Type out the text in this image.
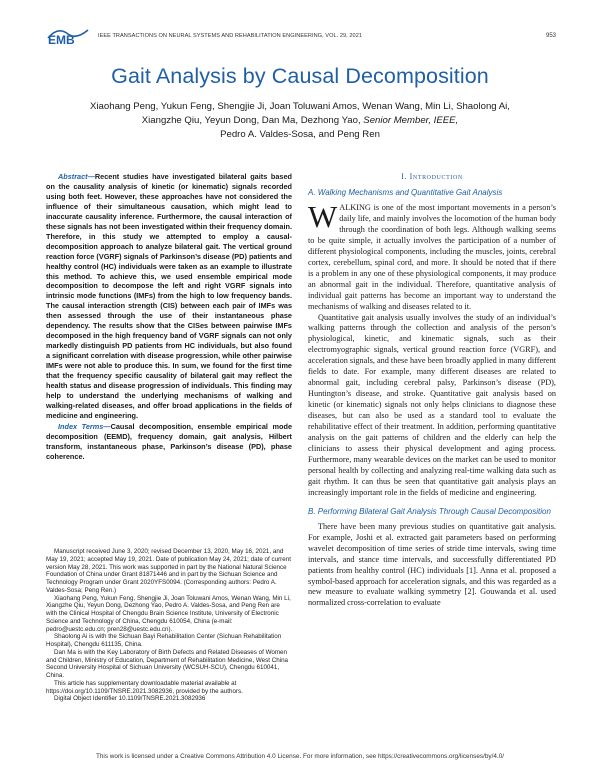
EMB	IEEE TRANSACTIONS ON NEURAL SYSTEMS AND REHABILITATION ENGINEERING, VOL. 29, 2021	953
Gait Analysis by Causal Decomposition
Xiaohang Peng, Yukun Feng, Shengjie Ji, Joan Toluwani Amos, Wenan Wang, Min Li, Shaolong Ai,
Xiangzhe Qiu, Yeyun Dong, Dan Ma, Dezhong Yao, Senior Member, IEEE,
Pedro A. Valdes-Sosa, and Peng Ren
Abstract—Recent studies have investigated bilateral gaits based on the causality analysis of kinetic (or kinematic) signals recorded using both feet. However, these approaches have not considered the influence of their simultaneous causation, which might lead to inaccurate causality inference. Furthermore, the causal interaction of these signals has not been investigated within their frequency domain. Therefore, in this study we attempted to employ a causal-decomposition approach to analyze bilateral gait. The vertical ground reaction force (VGRF) signals of Parkinson’s disease (PD) patients and healthy control (HC) individuals were taken as an example to illustrate this method. To achieve this, we used ensemble empirical mode decomposition to decompose the left and right VGRF signals into intrinsic mode functions (IMFs) from the high to low frequency bands. The causal interaction strength (CIS) between each pair of IMFs was then assessed through the use of their instantaneous phase dependency. The results show that the CISes between pairwise IMFs decomposed in the high frequency band of VGRF signals can not only markedly distinguish PD patients from HC individuals, but also found a significant correlation with disease progression, while other pairwise IMFs were not able to produce this. In sum, we found for the first time that the frequency specific causality of bilateral gait may reflect the health status and disease progression of individuals. This finding may help to understand the underlying mechanisms of walking and walking-related diseases, and offer broad applications in the fields of medicine and engineering.
Index Terms—Causal decomposition, ensemble empirical mode decomposition (EEMD), frequency domain, gait analysis, Hilbert transform, instantaneous phase, Parkinson’s disease (PD), phase coherence.

Manuscript received June 3, 2020; revised December 13, 2020, May 16, 2021, and May 19, 2021; accepted May 19, 2021. Date of publication May 24, 2021; date of current version May 28, 2021. This work was supported in part by the National Natural Science Foundation of China under Grant 81871446 and in part by the Sichuan Science and Technology Program under Grant 2020YFS0094. (Corresponding authors: Pedro A. Valdes-Sosa; Peng Ren.)

Xiaohang Peng, Yukun Feng, Shengjie Ji, Joan Toluwani Amos, Wenan Wang, Min Li, Xiangzhe Qiu, Yeyun Dong, Dezhong Yao, Pedro A. Valdes-Sosa, and Peng Ren are with the Clinical Hospital of Chengdu Brain Science Institute, University of Electronic Science and Technology of China, Chengdu 610054, China (e-mail: pedro@uestc.edu.cn; pren28@uestc.edu.cn).

Shaolong Ai is with the Sichuan Bayi Rehabilitation Center (Sichuan Rehabilitation Hospital), Chengdu 611135, China.

Dan Ma is with the Key Laboratory of Birth Defects and Related Diseases of Women and Children, Ministry of Education, Department of Rehabilitation Medicine, West China Second University Hospital of Sichuan University (WCSUH-SCU), Chengdu 610041, China.

This article has supplementary downloadable material available at https://doi.org/10.1109/TNSRE.2021.3082936, provided by the authors.

Digital Object Identifier 10.1109/TNSRE.2021.3082936

I. Introduction
A. Walking Mechanisms and Quantitative Gait Analysis

WALKING is one of the most important movements in a person’s daily life, and mainly involves the locomotion of the human body through the coordination of both legs. Although walking seems to be quite simple, it actually involves the participation of a number of different physiological components, including the muscles, joints, cerebral cortex, cerebellum, spinal cord, and more. It should be noted that if there is a problem in any one of these physiological components, it may produce an abnormal gait in the individual. Therefore, quantitative analysis of individual gait patterns has become an important way to understand the mechanisms of walking and diseases related to it.

Quantitative gait analysis usually involves the study of an individual’s walking patterns through the collection and analysis of the person’s physiological, kinetic, and kinematic signals, such as their electromyographic signals, vertical ground reaction force (VGRF), and acceleration signals, and these have been broadly applied in many different fields to date. For example, many different diseases are related to abnormal gait, including cerebral palsy, Parkinson’s disease (PD), Huntington’s disease, and stroke. Quantitative gait analysis based on kinetic (or kinematic) signals not only helps clinicians to diagnose these diseases, but can also be used as a standard tool to evaluate the rehabilitative effect of their treatment. In addition, performing quantitative analysis on the gait patterns of children and the elderly can help the clinicians to assess their physical development and aging process. Furthermore, many wearable devices on the market can be used to monitor personal health by collecting and analyzing real-time walking data such as gait rhythm. It can thus be seen that quantitative gait analysis plays an increasingly important role in the fields of medicine and engineering.

B. Performing Bilateral Gait Analysis Through Causal Decomposition

There have been many previous studies on quantitative gait analysis. For example, Joshi et al. extracted gait parameters based on performing wavelet decomposition of time series of stride time intervals, swing time intervals, and stance time intervals, and successfully differentiated PD patients from healthy control (HC) individuals [1]. Anna et al. proposed a symbol-based approach for acceleration signals, and this was regarded as a new measure to evaluate walking symmetry [2]. Gouwanda et al. used normalized cross-correlation to evaluate

This work is licensed under a Creative Commons Attribution 4.0 License. For more information, see https://creativecommons.org/licenses/by/4.0/
